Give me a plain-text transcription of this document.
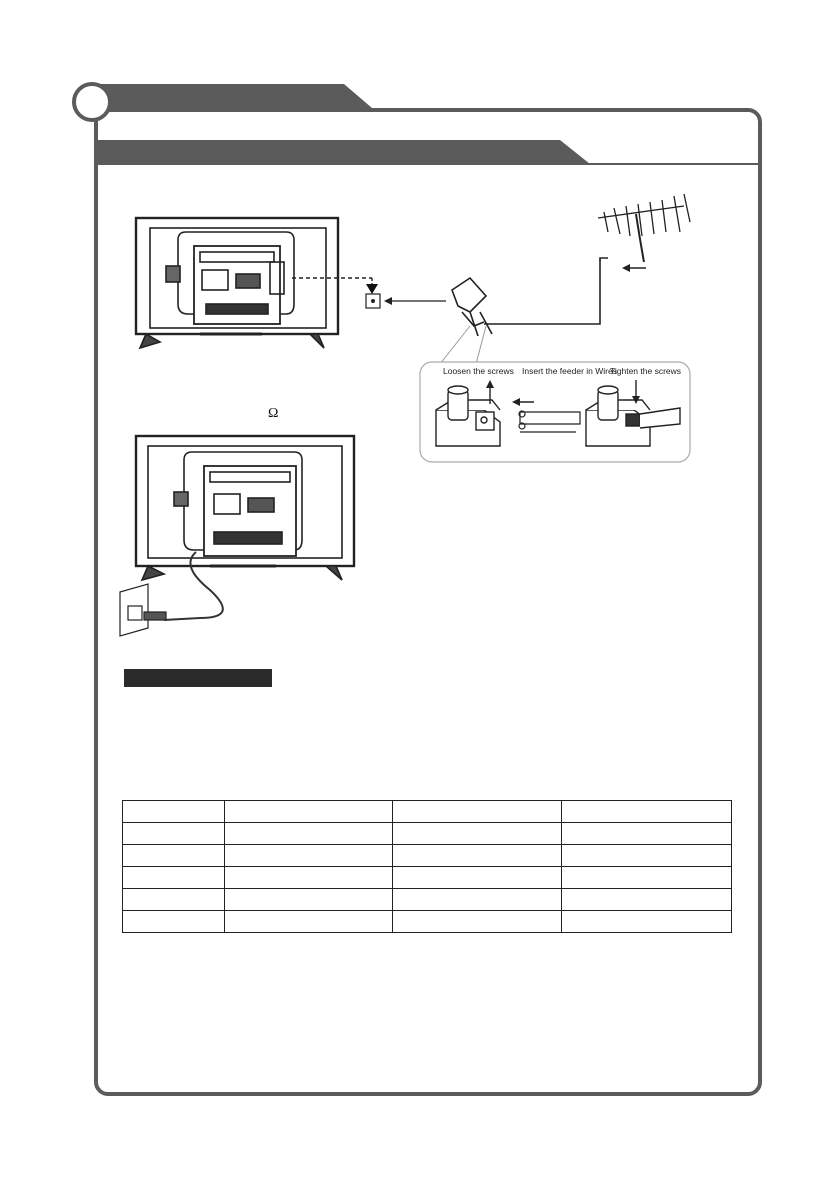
Loosen the screws Insert the feeder in Wires
Tighten the screws
Ω
